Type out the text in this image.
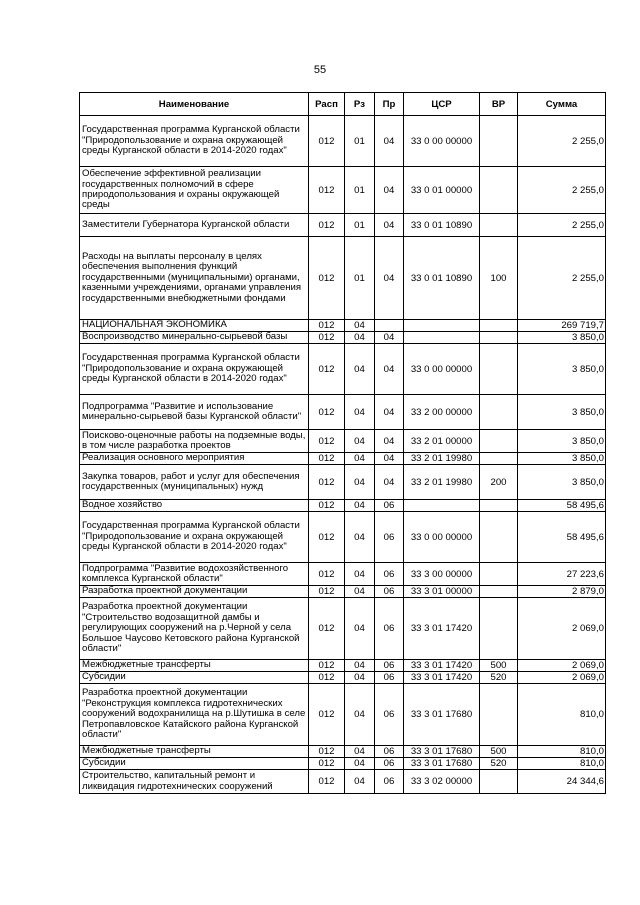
55
Наименование	Расп	Рз	Пр	ЦСР	ВР	Сумма
Государственная программа Курганской области "Природопользование и охрана окружающей среды Курганской области в 2014-2020 годах"	012	01	04	33 0 00 00000		2 255,0
Обеспечение эффективной реализации государственных полномочий в сфере природопользования и охраны окружающей среды	012	01	04	33 0 01 00000		2 255,0
Заместители Губернатора Курганской области	012	01	04	33 0 01 10890		2 255,0
Расходы на выплаты персоналу в целях обеспечения выполнения функций государственными (муниципальными) органами, казенными учреждениями, органами управления государственными внебюджетными фондами	012	01	04	33 0 01 10890	100	2 255,0
НАЦИОНАЛЬНАЯ ЭКОНОМИКА	012	04				269 719,7
Воспроизводство минерально-сырьевой базы	012	04	04			3 850,0
Государственная программа Курганской области "Природопользование и охрана окружающей среды Курганской области в 2014-2020 годах"	012	04	04	33 0 00 00000		3 850,0
Подпрограмма "Развитие и использование минерально-сырьевой базы Курганской области"	012	04	04	33 2 00 00000		3 850,0
Поисково-оценочные работы на подземные воды, в том числе разработка проектов	012	04	04	33 2 01 00000		3 850,0
Реализация основного мероприятия	012	04	04	33 2 01 19980		3 850,0
Закупка товаров, работ и услуг для обеспечения государственных (муниципальных) нужд	012	04	04	33 2 01 19980	200	3 850,0
Водное хозяйство	012	04	06			58 495,6
Государственная программа Курганской области "Природопользование и охрана окружающей среды Курганской области в 2014-2020 годах"	012	04	06	33 0 00 00000		58 495,6
Подпрограмма "Развитие водохозяйственного комплекса Курганской области"	012	04	06	33 3 00 00000		27 223,6
Разработка проектной документации	012	04	06	33 3 01 00000		2 879,0
Разработка проектной документации "Строительство водозащитной дамбы и регулирующих сооружений на р.Черной у села Большое Чаусово Кетовского района Курганской области"	012	04	06	33 3 01 17420		2 069,0
Межбюджетные трансферты	012	04	06	33 3 01 17420	500	2 069,0
Субсидии	012	04	06	33 3 01 17420	520	2 069,0
Разработка проектной документации "Реконструкция комплекса гидротехнических сооружений водохранилища на р.Шутишка в селе Петропавловское Катайского района Курганской области"	012	04	06	33 3 01 17680		810,0
Межбюджетные трансферты	012	04	06	33 3 01 17680	500	810,0
Субсидии	012	04	06	33 3 01 17680	520	810,0
Строительство, капитальный ремонт и ликвидация гидротехнических сооружений	012	04	06	33 3 02 00000		24 344,6
